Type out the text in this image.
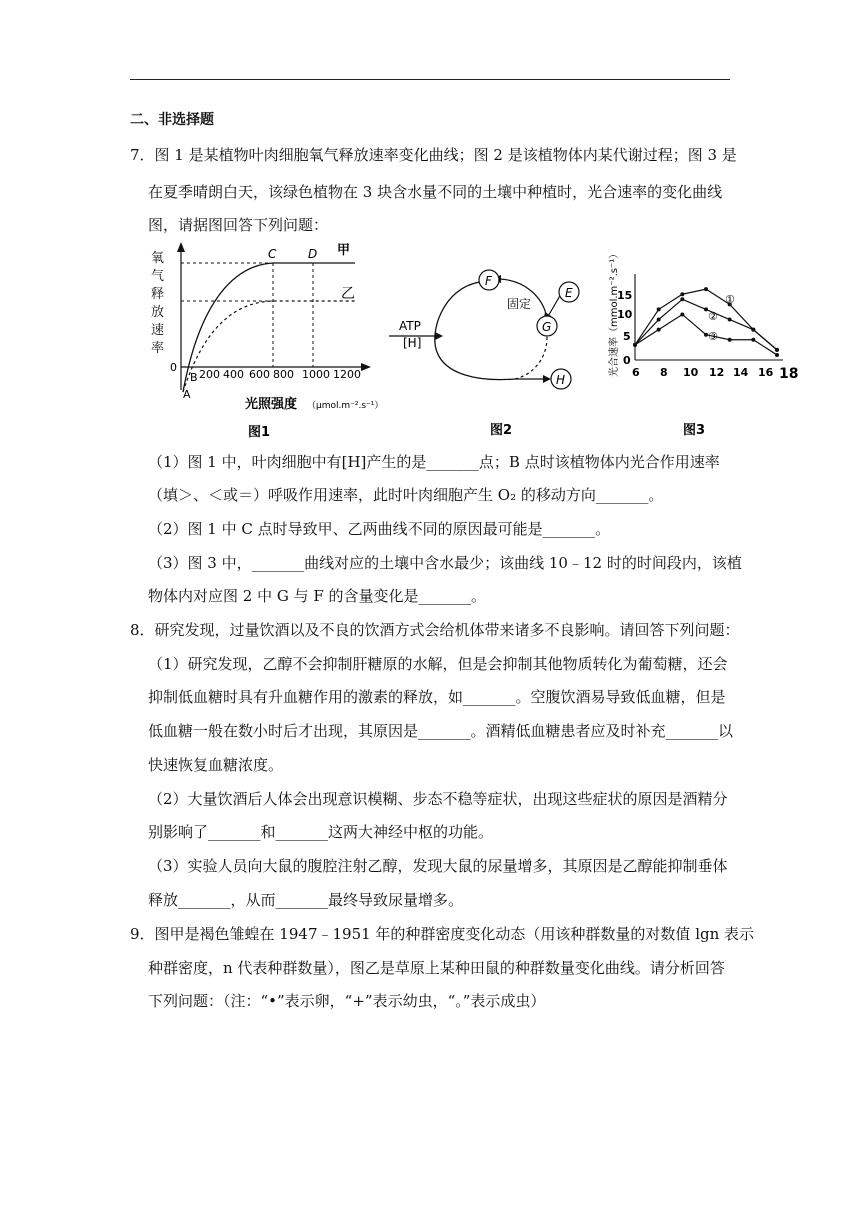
二、非选择题
7．图 1 是某植物叶肉细胞氧气释放速率变化曲线；图 2 是该植物体内某代谢过程；图 3 是
在夏季晴朗白天，该绿色植物在 3 块含水量不同的土壤中种植时，光合速率的变化曲线
图，请据图回答下列问题：
氧
气
释
放
速
率
0
200 400 600 800 1000 1200
C	D
B
A
甲
乙
光照强度 （μmol.m⁻².s⁻¹）
图1
ATP
[H]
F
E
G
H
固定
图2
光合速率（mmol.m⁻².s⁻¹） 0
5
10
15
6 8 10 12 14 16 18
①
②
③
图3
（1）图 1 中，叶肉细胞中有[H]产生的是_______点；B 点时该植物体内光合作用速率
（填＞、＜或＝）呼吸作用速率，此时叶肉细胞产生 O₂ 的移动方向_______。
（2）图 1 中 C 点时导致甲、乙两曲线不同的原因最可能是_______。
（3）图 3 中，_______曲线对应的土壤中含水最少；该曲线 10﹣12 时的时间段内，该植
物体内对应图 2 中 G 与 F 的含量变化是_______。
8．研究发现，过量饮酒以及不良的饮酒方式会给机体带来诸多不良影响。请回答下列问题：
（1）研究发现，乙醇不会抑制肝糖原的水解，但是会抑制其他物质转化为葡萄糖，还会
抑制低血糖时具有升血糖作用的激素的释放，如_______。空腹饮酒易导致低血糖，但是
低血糖一般在数小时后才出现，其原因是_______。酒精低血糖患者应及时补充_______以
快速恢复血糖浓度。
（2）大量饮酒后人体会出现意识模糊、步态不稳等症状，出现这些症状的原因是酒精分
别影响了_______和_______这两大神经中枢的功能。
（3）实验人员向大鼠的腹腔注射乙醇，发现大鼠的尿量增多，其原因是乙醇能抑制垂体
释放_______，从而_______最终导致尿量增多。
9．图甲是褐色雏蝗在 1947﹣1951 年的种群密度变化动态（用该种群数量的对数值 lgn 表示
种群密度，n 代表种群数量），图乙是草原上某种田鼠的种群数量变化曲线。请分析回答
下列问题：（注：“•”表示卵，“+”表示幼虫，“。”表示成虫）
